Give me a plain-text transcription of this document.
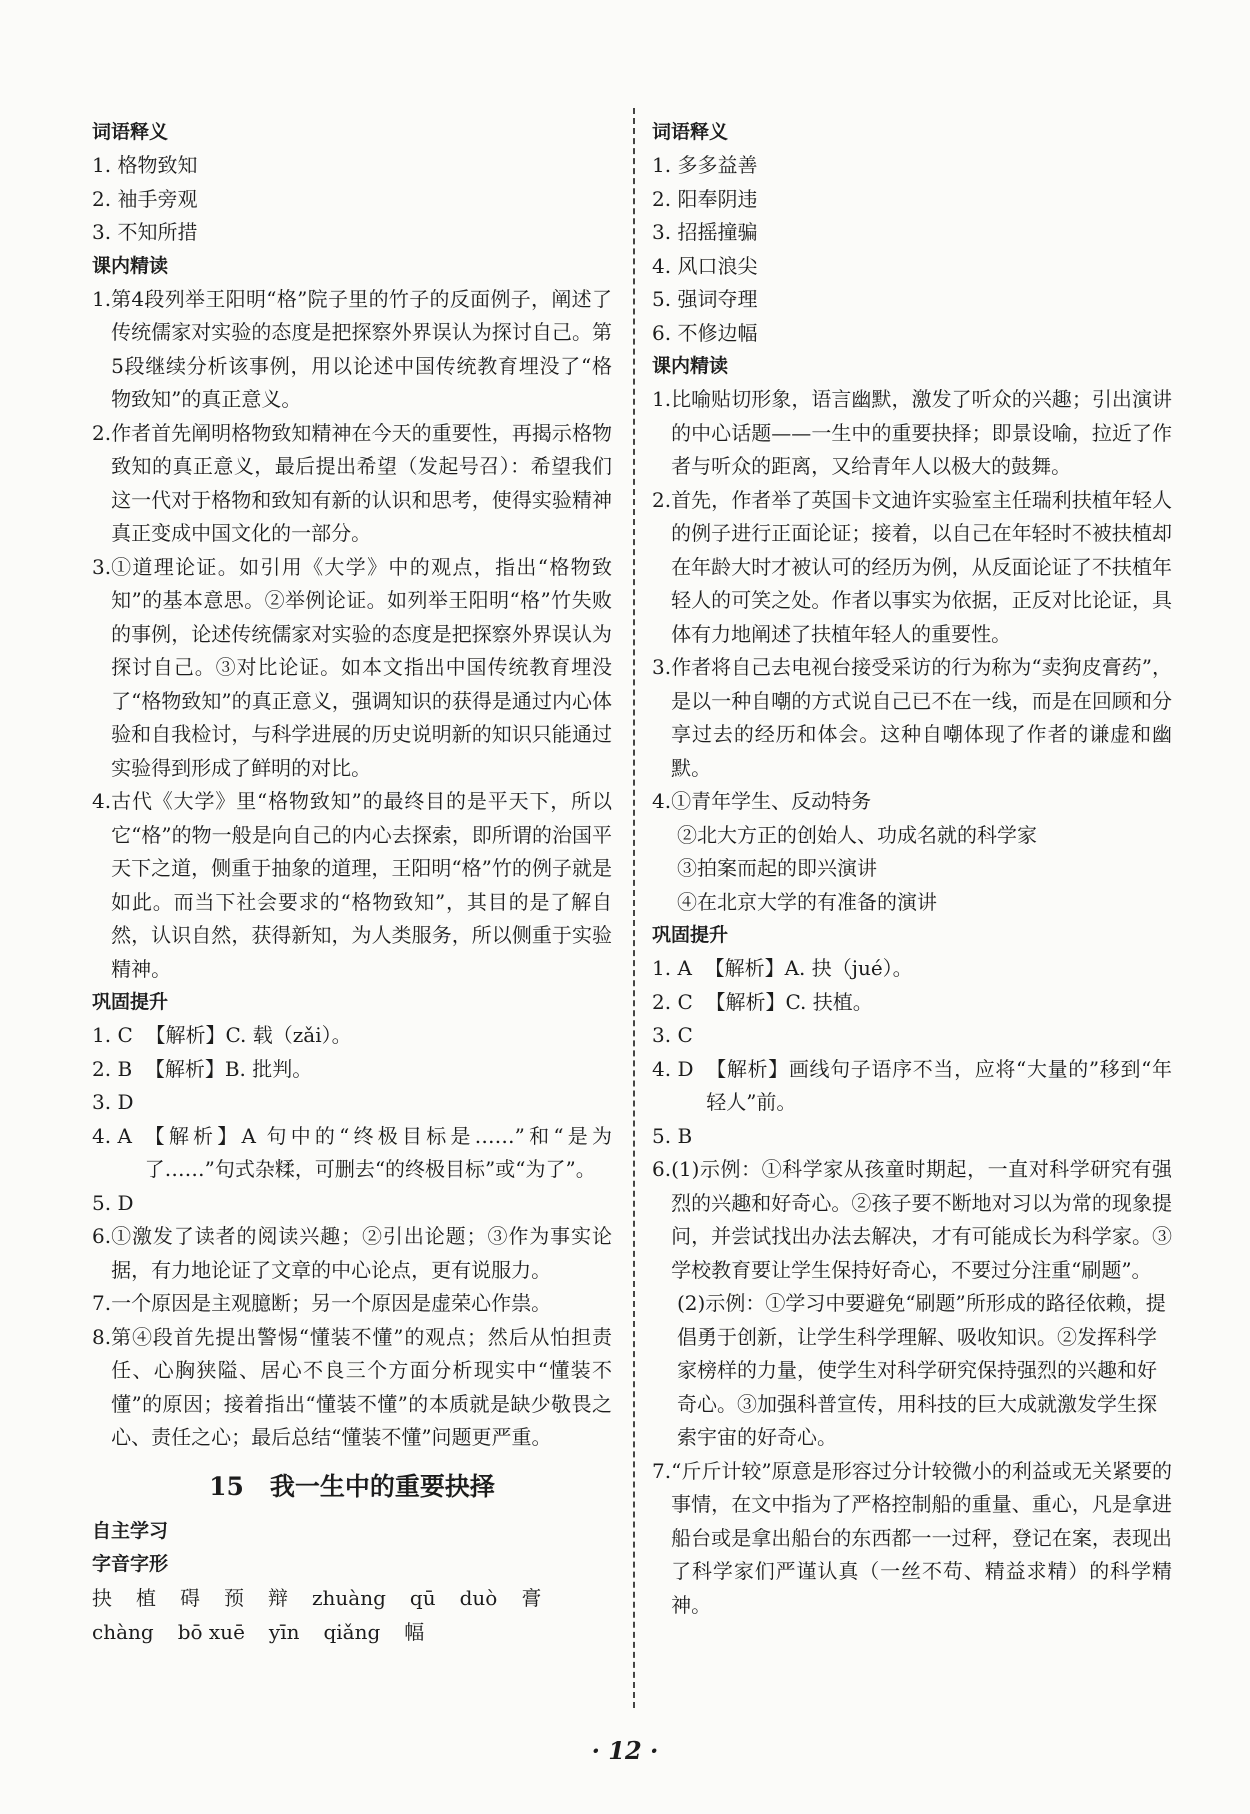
词语释义
1. 格物致知
2. 袖手旁观
3. 不知所措
课内精读
1. 第4段列举王阳明“格”院子里的竹子的反面例子，阐述了传统儒家对实验的态度是把探察外界误认为探讨自己。第5段继续分析该事例，用以论述中国传统教育埋没了“格物致知”的真正意义。
2. 作者首先阐明格物致知精神在今天的重要性，再揭示格物致知的真正意义，最后提出希望（发起号召）：希望我们这一代对于格物和致知有新的认识和思考，使得实验精神真正变成中国文化的一部分。
3. ①道理论证。如引用《大学》中的观点，指出“格物致知”的基本意思。②举例论证。如列举王阳明“格”竹失败的事例，论述传统儒家对实验的态度是把探察外界误认为探讨自己。③对比论证。如本文指出中国传统教育埋没了“格物致知”的真正意义，强调知识的获得是通过内心体验和自我检讨，与科学进展的历史说明新的知识只能通过实验得到形成了鲜明的对比。
4. 古代《大学》里“格物致知”的最终目的是平天下，所以它“格”的物一般是向自己的内心去探索，即所谓的治国平天下之道，侧重于抽象的道理，王阳明“格”竹的例子就是如此。而当下社会要求的“格物致知”，其目的是了解自然，认识自然，获得新知，为人类服务，所以侧重于实验精神。
巩固提升
1. C
【解析】C. 载（zǎi）。
2. B
【解析】B. 批判。
3. D
4. A
【解析】A 句中的“终极目标是……”和“是为了……”句式杂糅，可删去“的终极目标”或“为了”。
5. D
6. ①激发了读者的阅读兴趣；②引出论题；③作为事实论据，有力地论证了文章的中心论点，更有说服力。
7. 一个原因是主观臆断；另一个原因是虚荣心作祟。
8. 第④段首先提出警惕“懂装不懂”的观点；然后从怕担责任、心胸狭隘、居心不良三个方面分析现实中“懂装不懂”的原因；接着指出“懂装不懂”的本质就是缺少敬畏之心、责任之心；最后总结“懂装不懂”问题更严重。
15 我一生中的重要抉择
自主学习
字音字形
抉 植 碍 预 辩 zhuàng qū duò 膏
chàng bō xuē yīn qiǎng 幅
词语释义
1. 多多益善
2. 阳奉阴违
3. 招摇撞骗
4. 风口浪尖
5. 强词夺理
6. 不修边幅
课内精读
1. 比喻贴切形象，语言幽默，激发了听众的兴趣；引出演讲的中心话题——一生中的重要抉择；即景设喻，拉近了作者与听众的距离，又给青年人以极大的鼓舞。
2. 首先，作者举了英国卡文迪许实验室主任瑞利扶植年轻人的例子进行正面论证；接着，以自己在年轻时不被扶植却在年龄大时才被认可的经历为例，从反面论证了不扶植年轻人的可笑之处。作者以事实为依据，正反对比论证，具体有力地阐述了扶植年轻人的重要性。
3. 作者将自己去电视台接受采访的行为称为“卖狗皮膏药”，是以一种自嘲的方式说自己已不在一线，而是在回顾和分享过去的经历和体会。这种自嘲体现了作者的谦虚和幽默。
4. ①青年学生、反动特务
②北大方正的创始人、功成名就的科学家
③拍案而起的即兴演讲
④在北京大学的有准备的演讲
巩固提升
1. A
【解析】A. 抉（jué）。
2. C
【解析】C. 扶植。
3. C
4. D
【解析】画线句子语序不当，应将“大量的”移到“年轻人”前。
5. B
6. (1)示例：①科学家从孩童时期起，一直对科学研究有强烈的兴趣和好奇心。②孩子要不断地对习以为常的现象提问，并尝试找出办法去解决，才有可能成长为科学家。③学校教育要让学生保持好奇心，不要过分注重“刷题”。
(2)示例：①学习中要避免“刷题”所形成的路径依赖，提倡勇于创新，让学生科学理解、吸收知识。②发挥科学家榜样的力量，使学生对科学研究保持强烈的兴趣和好奇心。③加强科普宣传，用科技的巨大成就激发学生探索宇宙的好奇心。
7. “斤斤计较”原意是形容过分计较微小的利益或无关紧要的事情，在文中指为了严格控制船的重量、重心，凡是拿进船台或是拿出船台的东西都一一过秤，登记在案，表现出了科学家们严谨认真（一丝不苟、精益求精）的科学精神。
· 12 ·
